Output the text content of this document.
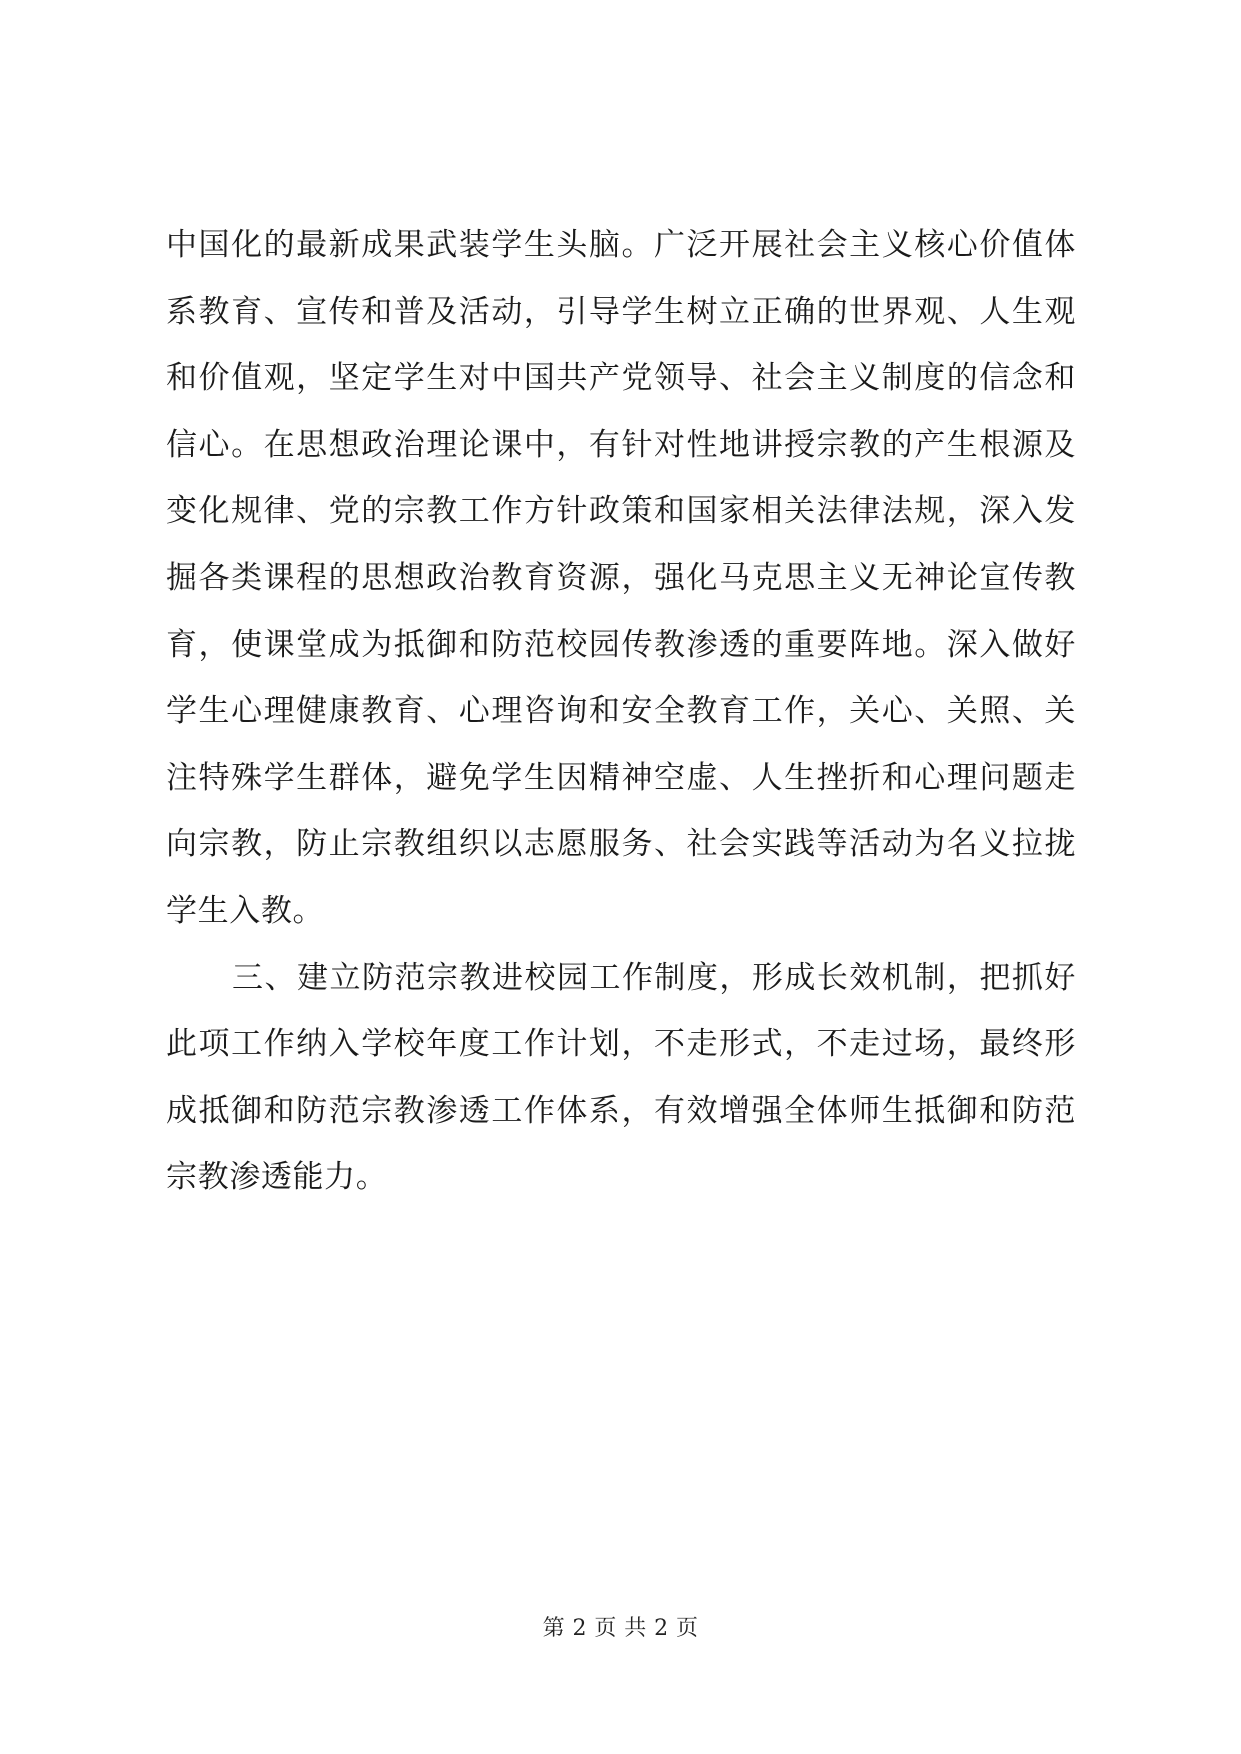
中国化的最新成果武装学生头脑。广泛开展社会主义核心价值体
系教育、宣传和普及活动，引导学生树立正确的世界观、人生观
和价值观，坚定学生对中国共产党领导、社会主义制度的信念和
信心。在思想政治理论课中，有针对性地讲授宗教的产生根源及
变化规律、党的宗教工作方针政策和国家相关法律法规，深入发
掘各类课程的思想政治教育资源，强化马克思主义无神论宣传教
育，使课堂成为抵御和防范校园传教渗透的重要阵地。深入做好
学生心理健康教育、心理咨询和安全教育工作，关心、关照、关
注特殊学生群体，避免学生因精神空虚、人生挫折和心理问题走
向宗教，防止宗教组织以志愿服务、社会实践等活动为名义拉拢
学生入教。
三、建立防范宗教进校园工作制度，形成长效机制，把抓好
此项工作纳入学校年度工作计划，不走形式，不走过场，最终形
成抵御和防范宗教渗透工作体系，有效增强全体师生抵御和防范
宗教渗透能力。
第 2 页 共 2 页
